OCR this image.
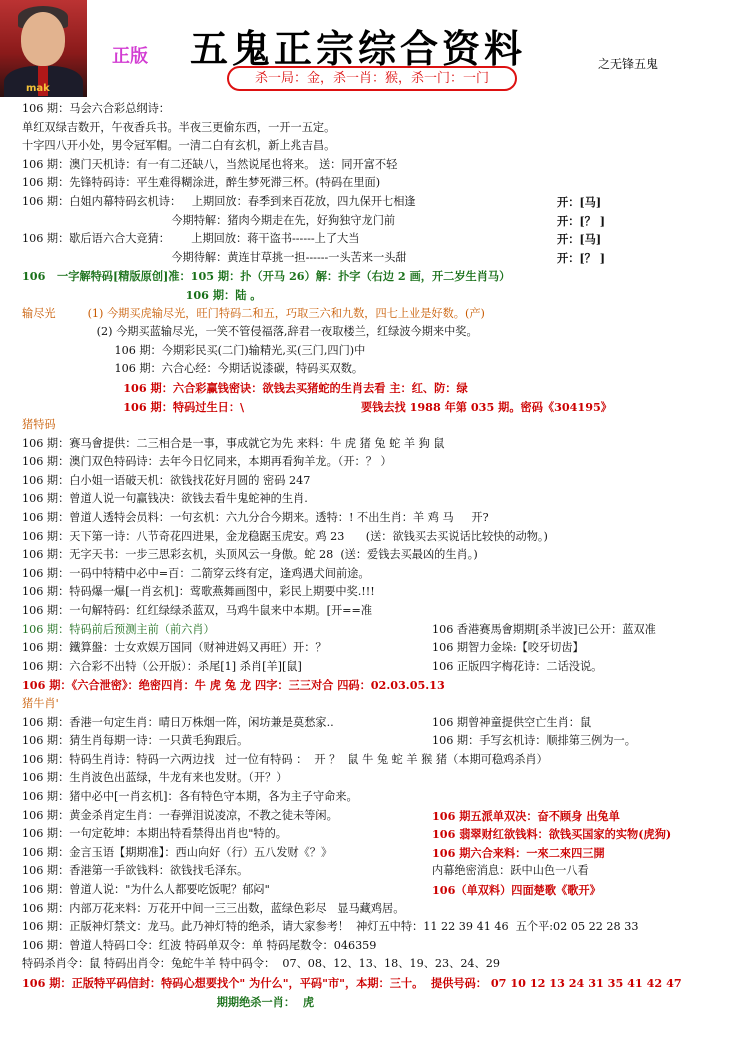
mak
正版 五鬼正宗综合资料
杀一局：金，杀一肖：猴，杀一门：一门
之无锋五鬼
106 期：马会六合彩总纲诗：
单红双绿吉数开，午夜香兵书。半夜三更偷东西，一开一五定。
十字四八开小处，男令冠军帽。一清二白有玄机，新上兆吉昌。
106 期：澳门天机诗：有一有二还缺八，当然说尾也将来。 送：同开富不轻
106 期：先锋特码诗：平生难得糊涂进，醉生梦死滞三杯。(特码在里面)
106 期：白姐内幕特码玄机诗：   上期回放：春季到来百花放，四九保开七相逢	开：[马]
今期特解：猪肉今期走在先，好狗独守龙门前	开：[？ ]
106 期：歇后语六合大竞猜：      上期回放：蒋干盗书------上了大当	开：[马]
今期待解：黄连甘草挑一担------一头苦来一头甜	开：[？ ]
106   一字解特码[精版原创]准：105 期：扑（开马 26）解：扑字（右边 2 画，开二岁生肖马）
106 期：陆 。
输尽光         (1) 今期买虎输尽光，旺门特码二和五，巧取三六和九数，四七上业是好数。(产)
(2) 今期买蓝输尽光，一笑不管侵福落,辞君一夜取楼兰，红绿波今期来中奖。
106 期：今期彩民买(二门)输精光,买(三门,四门)中
106 期：六合心经：今期话说漆碳，特码买双数。
106 期：六合彩赢钱密诀：欲钱去买猪蛇的生肖去看 主：红、防：绿
106 期：特码过生日：\                              要钱去找 1988 年第 035 期。密码《304195》
猪特码
106 期：赛马會提供：二三相合是一事，事成就它为先 来料：牛 虎 猪 兔 蛇 羊 狗 鼠
106 期：澳门双色特码诗：去年今日忆同来，本期再看狗羊龙。（开：？ ）
106 期：白小姐一语破天机：欲钱找花好月圆的 密码 247
106 期：曾道人说一句赢钱决：欲钱去看牛鬼蛇神的生肖.
106 期：曾道人透特会员料：一句玄机：六九分合今期来。透特：! 不出生肖：羊 鸡 马     开?
106 期：天下第一诗：八节奇花四进果，金龙稳踞玉虎安。鸡 23      (送：欲钱买去买说话比较快的动物。)
106 期：无字天书：一步三思彩玄机，头顶风云一身傲。蛇 28  (送：爱钱去买最凶的生肖。)
106 期：一码中特精中必中=百：二箭穿云终有定，逢鸡遇犬间前途。
106 期：特码爆一爆[一肖玄机]：莺歌燕舞画图中，彩民上期要中奖.!!!
106 期：一句解特码：红红绿绿杀蓝双，马鸡牛鼠来中本期。[开==准
106 期：特码前后预测主前（前六肖）	106 香港赛馬會期期[杀半波]已公开：蓝双准
106 期：鐵算盤：士女欢娱万国同（财神进妈又再旺）开：？	106 期智力金垛:【咬牙切齿】
106 期：六合彩不出特（公开版）：杀尾[1] 杀肖[羊][鼠]	106 正版四字梅花诗：二话没说。
106 期：《六合泄密》：绝密四肖：牛 虎 兔 龙 四字：三三对合 四码：02.03.05.13
猪牛肖'
106 期：香港一句定生肖：晴日万株烟一阵，闲坊兼是莫愁家..	106 期曾神童提供空亡生肖：鼠
106 期：猜生肖每期一诗：一只黄毛狗跟后。	106 期：手写玄机诗：顺排第三例为一。
106 期：特码生肖诗：特码一六两边找   过一位有特码 ：  开 ？  鼠 牛 兔 蛇 羊 猴 猪（本期可稳鸡杀肖）
106 期：生肖波色出蓝绿，牛龙有来也发财。（开？）
106 期：猪中必中[一肖玄机]：各有特色守本期，各为主子守命来。
106 期：黄金杀肖定生肖：一春弹泪说凌凉，不教之徒未等闲。	106 期五派单双决：奋不顾身 出兔单
106 期：一句定乾坤：本期出特看禁得出肖也"特的。	106 翡翠财红欲钱料：欲钱买国家的实物(虎狗)
106 期：金言玉语【期期准】：西山向好（行）五八发财《？》	106 期六合来料：一來二來四三開
106 期：香港第一手欲钱料：欲钱找毛泽东。	内幕绝密消息：跃中山色一八看
106 期：曾道人说："为什么人都要吃饭呢？郁闷"	106（单双料）四面楚歌《歌开》
106 期：内部万花来料：万花开中间一三三出数，蓝绿色彩尽   显马藏鸡居。
106 期：正版神灯禁文：龙马。此乃神灯特的绝杀，请大家参考！  神灯五中特：11 22 39 41 46  五个平:02 05 22 28 33
106 期：曾道人特码口令：红波 特码单双令：单 特码尾数令：046359
特码杀肖令：鼠 特码出肖令：兔蛇牛羊 特中码令：  07、08、12、13、18、19、23、24、29
106 期：正版特平码信封：特码心想要找个" 为什么"，平码"市"，本期：三十。  提供号码： 07 10 12 13 24 31 35 41 42 47
期期绝杀一肖：  虎
